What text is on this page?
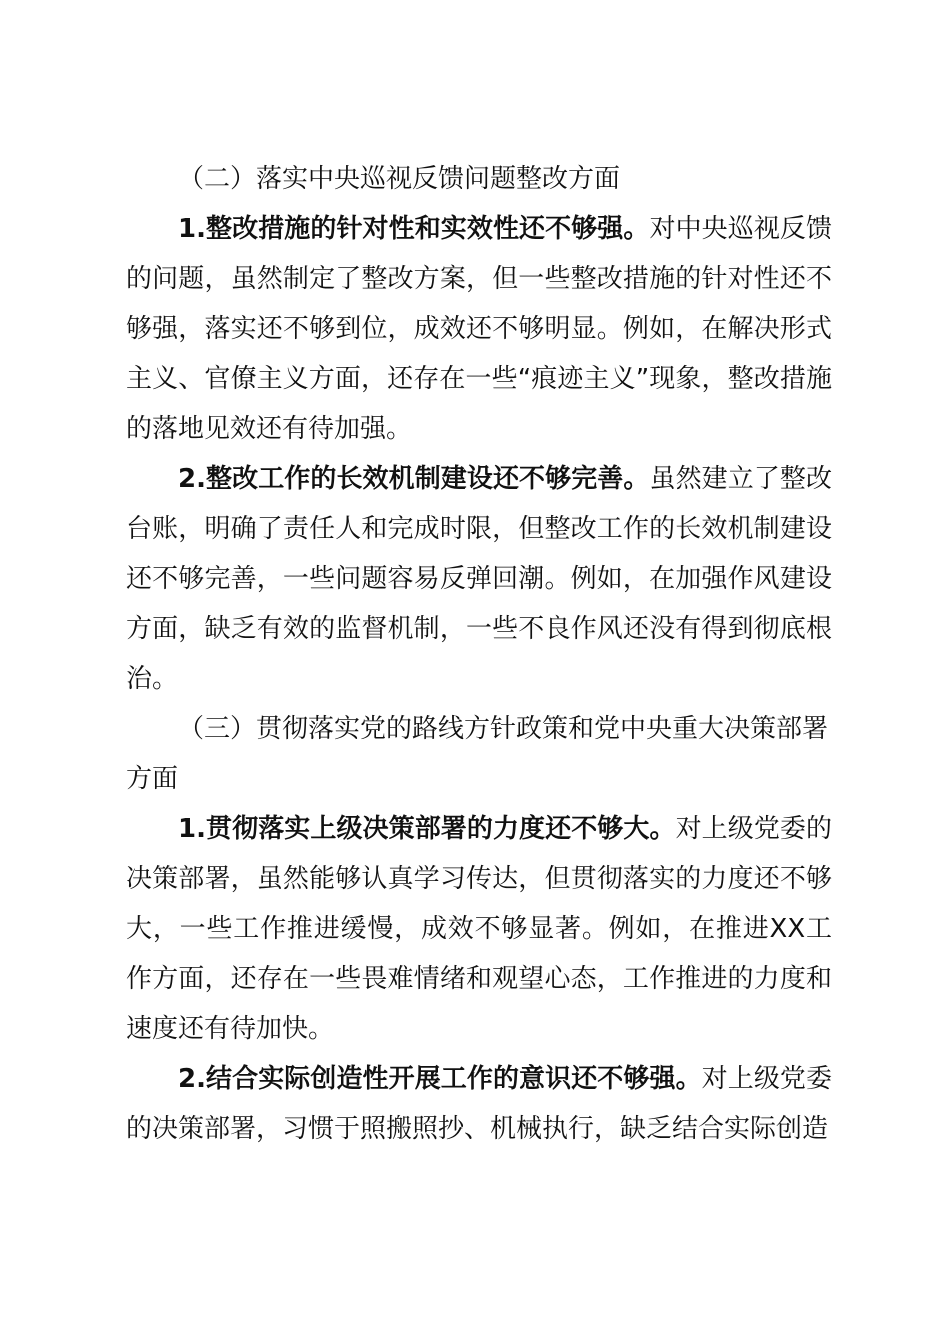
（二）落实中央巡视反馈问题整改方面

1.整改措施的针对性和实效性还不够强。对中央巡视反馈的问题，虽然制定了整改方案，但一些整改措施的针对性还不够强，落实还不够到位，成效还不够明显。例如，在解决形式主义、官僚主义方面，还存在一些“痕迹主义”现象，整改措施的落地见效还有待加强。

2.整改工作的长效机制建设还不够完善。虽然建立了整改台账，明确了责任人和完成时限，但整改工作的长效机制建设还不够完善，一些问题容易反弹回潮。例如，在加强作风建设方面，缺乏有效的监督机制，一些不良作风还没有得到彻底根治。

（三）贯彻落实党的路线方针政策和党中央重大决策部署方面

1.贯彻落实上级决策部署的力度还不够大。对上级党委的决策部署，虽然能够认真学习传达，但贯彻落实的力度还不够大，一些工作推进缓慢，成效不够显著。例如，在推进XX工作方面，还存在一些畏难情绪和观望心态，工作推进的力度和速度还有待加快。

2.结合实际创造性开展工作的意识还不够强。对上级党委的决策部署，习惯于照搬照抄、机械执行，缺乏结合实际创造
